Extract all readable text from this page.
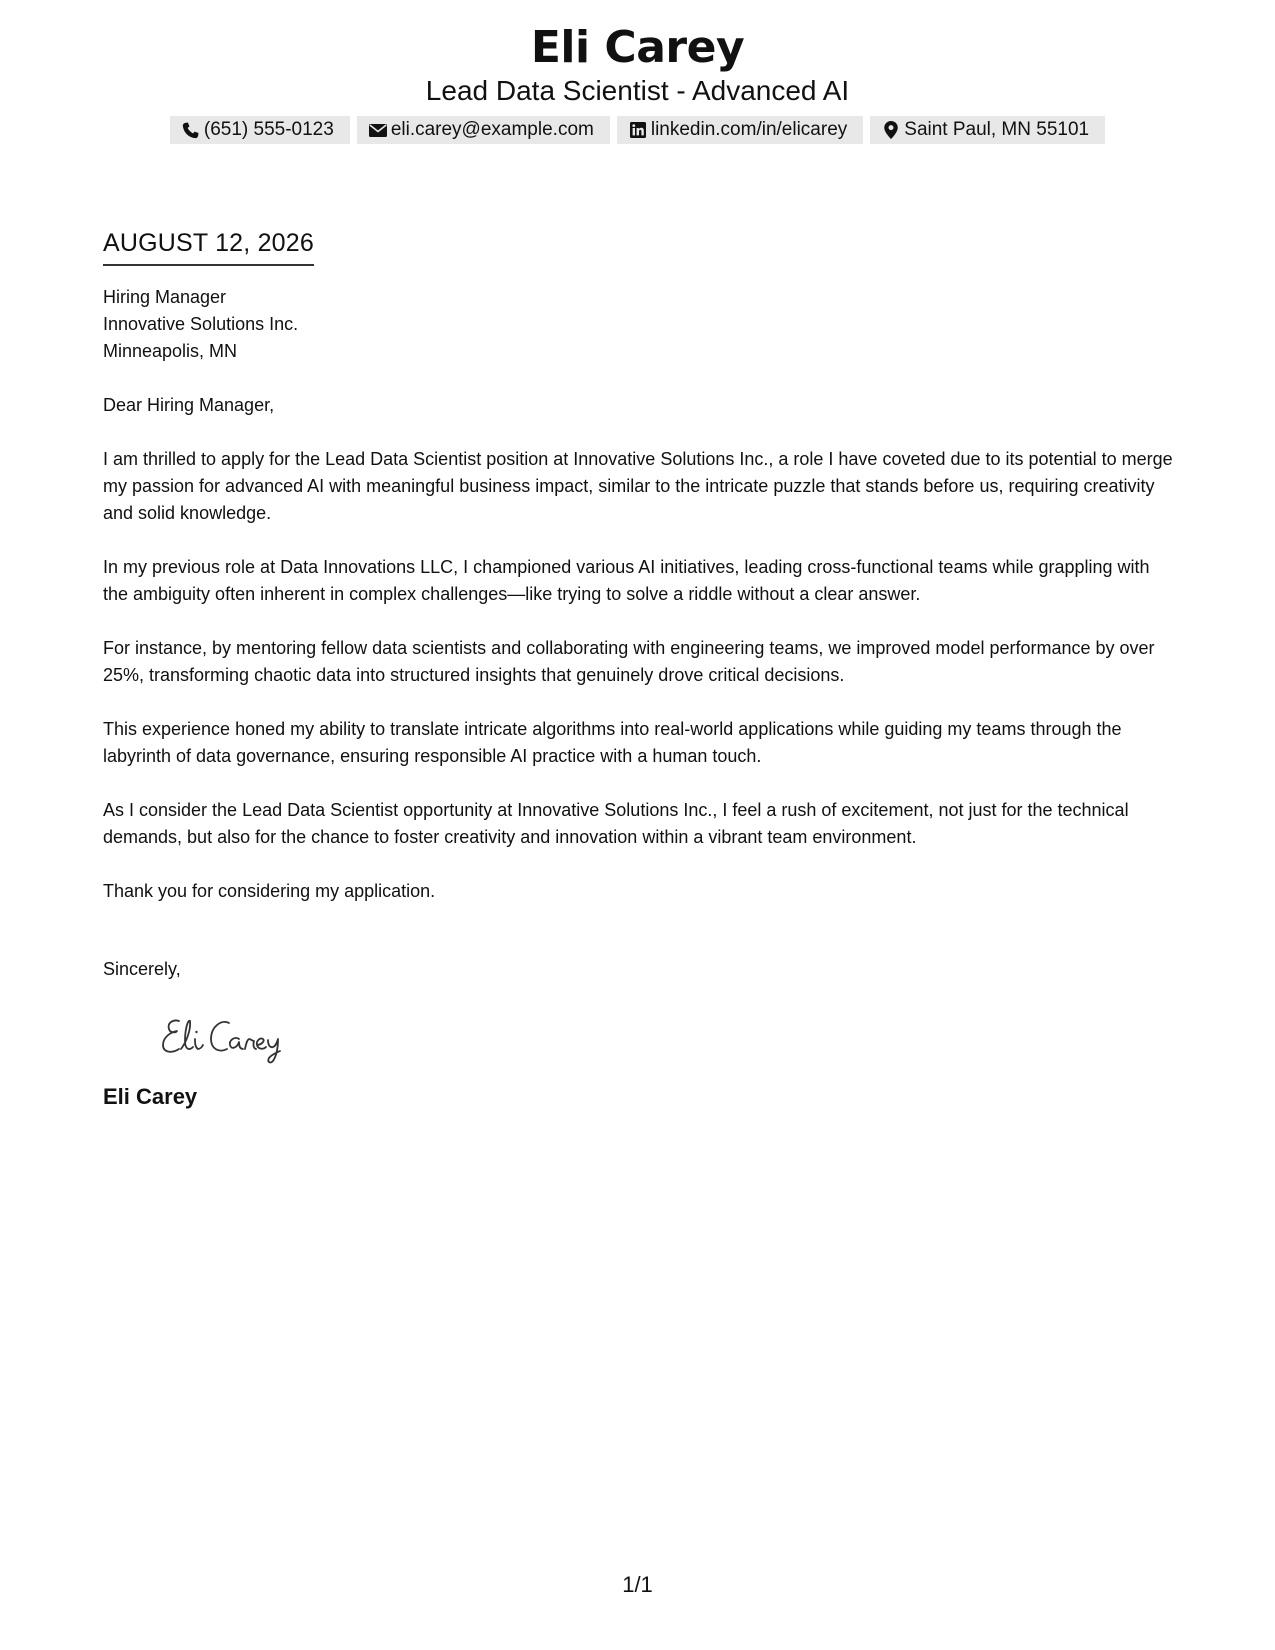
Eli Carey
Lead Data Scientist - Advanced AI
(651) 555-0123	eli.carey@example.com	linkedin.com/in/elicarey	Saint Paul, MN 55101
AUGUST 12, 2026
Hiring Manager
Innovative Solutions Inc.
Minneapolis, MN
Dear Hiring Manager,
I am thrilled to apply for the Lead Data Scientist position at Innovative Solutions Inc., a role I have coveted due to its potential to merge my passion for advanced AI with meaningful business impact, similar to the intricate puzzle that stands before us, requiring creativity and solid knowledge.
In my previous role at Data Innovations LLC, I championed various AI initiatives, leading cross-functional teams while grappling with the ambiguity often inherent in complex challenges—like trying to solve a riddle without a clear answer.
For instance, by mentoring fellow data scientists and collaborating with engineering teams, we improved model performance by over 25%, transforming chaotic data into structured insights that genuinely drove critical decisions.
This experience honed my ability to translate intricate algorithms into real-world applications while guiding my teams through the labyrinth of data governance, ensuring responsible AI practice with a human touch.
As I consider the Lead Data Scientist opportunity at Innovative Solutions Inc., I feel a rush of excitement, not just for the technical demands, but also for the chance to foster creativity and innovation within a vibrant team environment.
Thank you for considering my application.
Sincerely,
Eli Carey
1/1
